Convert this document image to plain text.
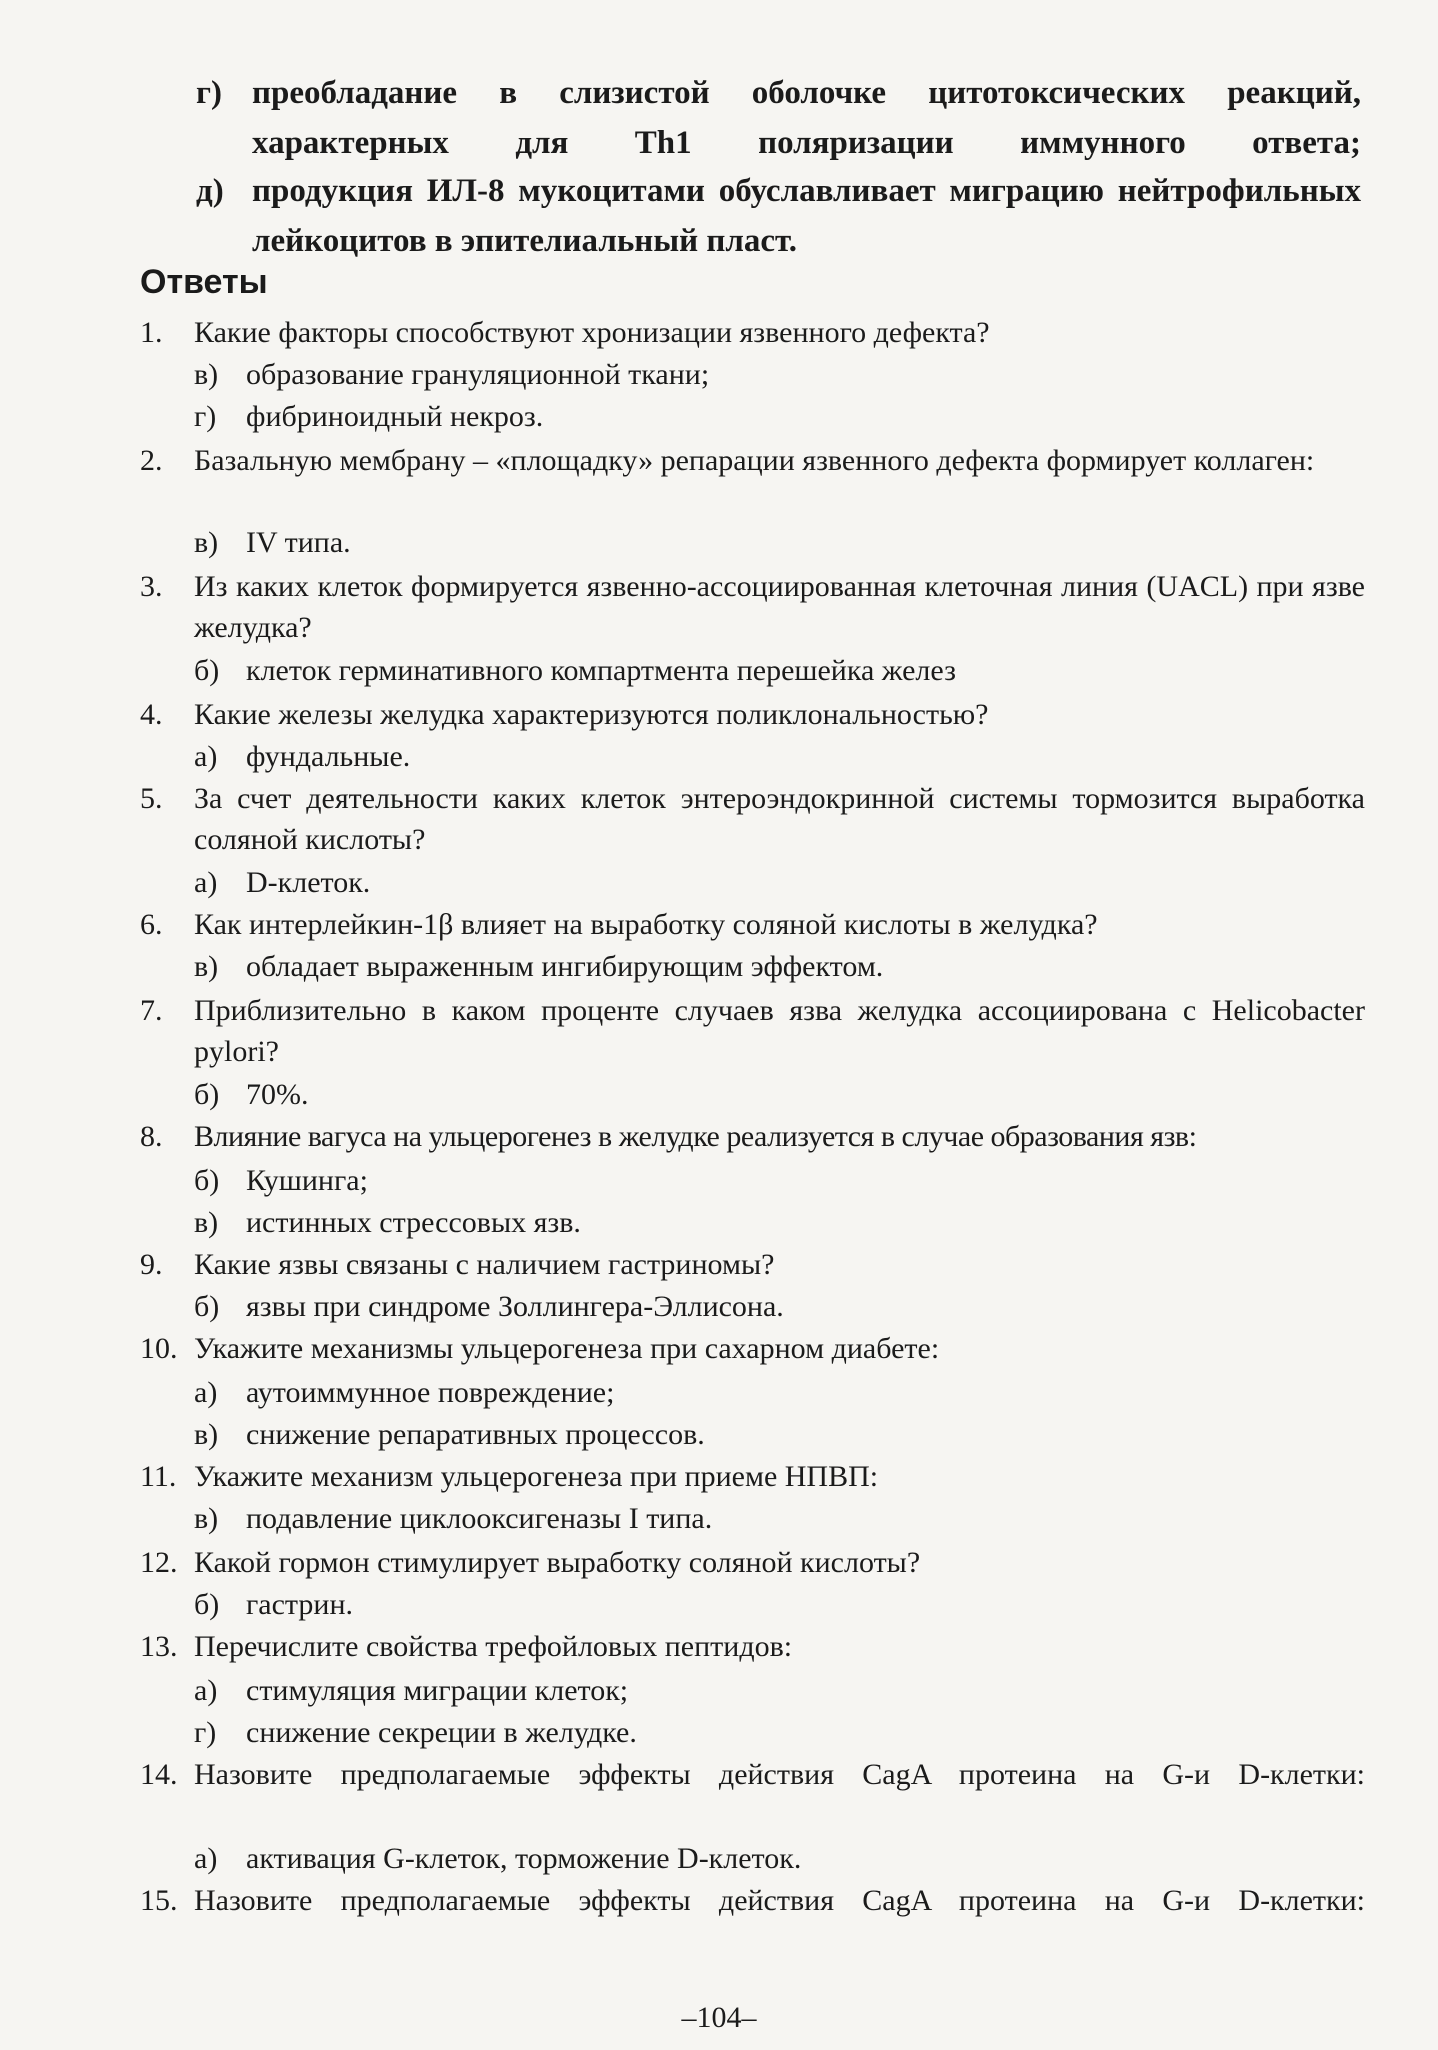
г) преобладание в слизистой оболочке цитотоксических реакций, характерных для Th1 поляризации иммунного ответа;
д) продукция ИЛ-8 мукоцитами обуславливает миграцию нейтрофильных лейкоцитов в эпителиальный пласт.
Ответы
1.	Какие факторы способствуют хронизации язвенного дефекта?
в) образование грануляционной ткани;
г) фибриноидный некроз.
2.	Базальную мембрану – «площадку» репарации язвенного дефекта формирует коллаген:
в) IV типа.
3.	Из каких клеток формируется язвенно-ассоциированная клеточная линия (UACL) при язве желудка?
б) клеток герминативного компартмента перешейка желез
4.	Какие железы желудка характеризуются поликлональностью?
а) фундальные.
5.	За счет деятельности каких клеток энтероэндокринной системы тормозится выработка соляной кислоты?
а) D-клеток.
6.	Как интерлейкин-1β влияет на выработку соляной кислоты в желудка?
в) обладает выраженным ингибирующим эффектом.
7.	Приблизительно в каком проценте случаев язва желудка ассоциирована с Helicobacter pylori?
б) 70%.
8.	Влияние вагуса на ульцерогенез в желудке реализуется в случае образования язв:
б) Кушинга;
в) истинных стрессовых язв.
9.	Какие язвы связаны с наличием гастриномы?
б) язвы при синдроме Золлингера-Эллисона.
10. Укажите механизмы ульцерогенеза при сахарном диабете:
а) аутоиммунное повреждение;
в) снижение репаративных процессов.
11. Укажите механизм ульцерогенеза при приеме НПВП:
в) подавление циклооксигеназы I типа.
12. Какой гормон стимулирует выработку соляной кислоты?
б) гастрин.
13. Перечислите свойства трефойловых пептидов:
а) стимуляция миграции клеток;
г) снижение секреции в желудке.
14. Назовите предполагаемые эффекты действия CagA протеина на G-и D-клетки:
а) активация G-клеток, торможение D-клеток.
15. Назовите предполагаемые эффекты действия CagA протеина на G-и D-клетки:
–104–
